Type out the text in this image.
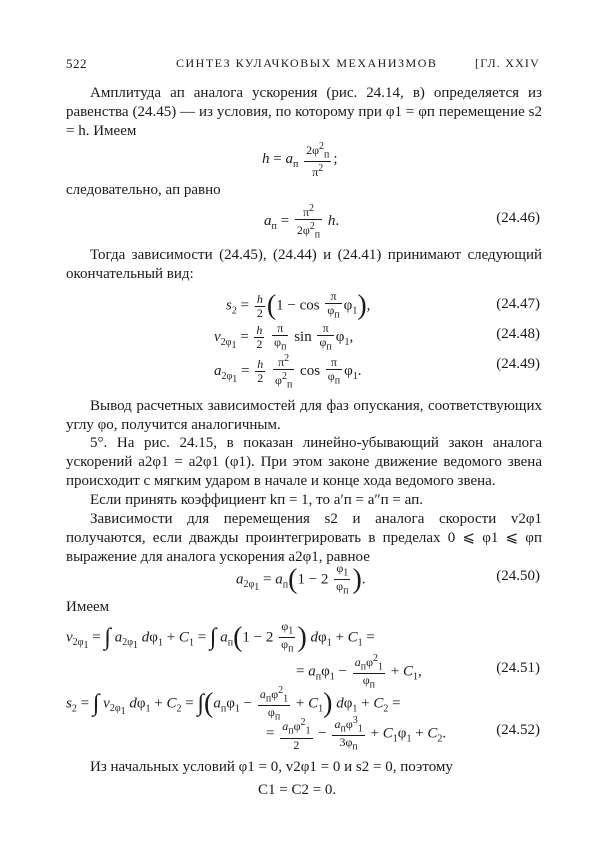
522	СИНТЕЗ КУЛАЧКОВЫХ МЕХАНИЗМОВ	[ГЛ. XXIV

Амплитуда aп аналога ускорения (рис. 24.14, в) определяется из равенства (24.45) — из условия, по которому при φ1 = φп перемещение s2 = h. Имеем

$h = a_п \frac{2\varphi^2_п}{\pi^2}$ ;

следовательно, aп равно

$a_п = \frac{\pi^2}{2\varphi^2_п} h$.	(24.46)

Тогда зависимости (24.45), (24.44) и (24.41) принимают следующий окончательный вид:

$s_2 = \frac{h}{2} (1 - \cos \frac{\pi}{\varphi_п} \varphi_1)$,	(24.47)
$v_{2\varphi_1} = \frac{h}{2}$
$\frac{\pi}{\varphi_п}$ $\sin \frac{\pi}{\varphi_п} \varphi_1$,	(24.48)
$a_{2\varphi_1} = \frac{h}{2}$
$\frac{\pi^2}{\varphi^2_п}$ $\cos \frac{\pi}{\varphi_п} \varphi_1$.	(24.49)

Вывод расчетных зависимостей для фаз опускания, соответствующих углу φо, получится аналогичным.

5°. На рис. 24.15, в показан линейно-убывающий закон аналога ускорений a2φ1 = a2φ1 (φ1). При этом законе движение ведомого звена происходит с мягким ударом в начале и конце хода ведомого звена.

Если принять коэффициент kп = 1, то a′п = a″п = aп.

Зависимости для перемещения s2 и аналога скорости v2φ1 получаются, если дважды проинтегрировать в пределах 0 ⩽ φ1 ⩽ φп выражение для аналога ускорения a2φ1, равное

$a_{2\varphi_1} = a_п(1 - 2 \frac{\varphi_1}{\varphi_п}$ ).	(24.50)

Имеем

$v_{2\varphi_1}$ = ∫ $a_{2\varphi_1}$ $d\varphi_1 + C_1$ = ∫ $a_п(1 - 2 \frac{\varphi_1}{\varphi_п}$ ) $d\varphi_1 + C_1$ =
= $a_п\varphi_1 - \frac{a_п\varphi^2_1}{\varphi_п} + C_1$,	(24.51)
$s_2$ = ∫ $v_{2\varphi_1}$ $d\varphi_1 + C_2 = \int(a_п\varphi_1 - \frac{a_п\varphi^2_1}{\varphi_п} + C_1) d\varphi_1 + C_2$ =
= $\frac{a_п\varphi^2_1}{2} - \frac{a_п\varphi^3_1}{3\varphi_п} + C_1\varphi_1 + C_2$.	(24.52)

Из начальных условий φ1 = 0, v2φ1 = 0 и s2 = 0, поэтому

C1 = C2 = 0.
